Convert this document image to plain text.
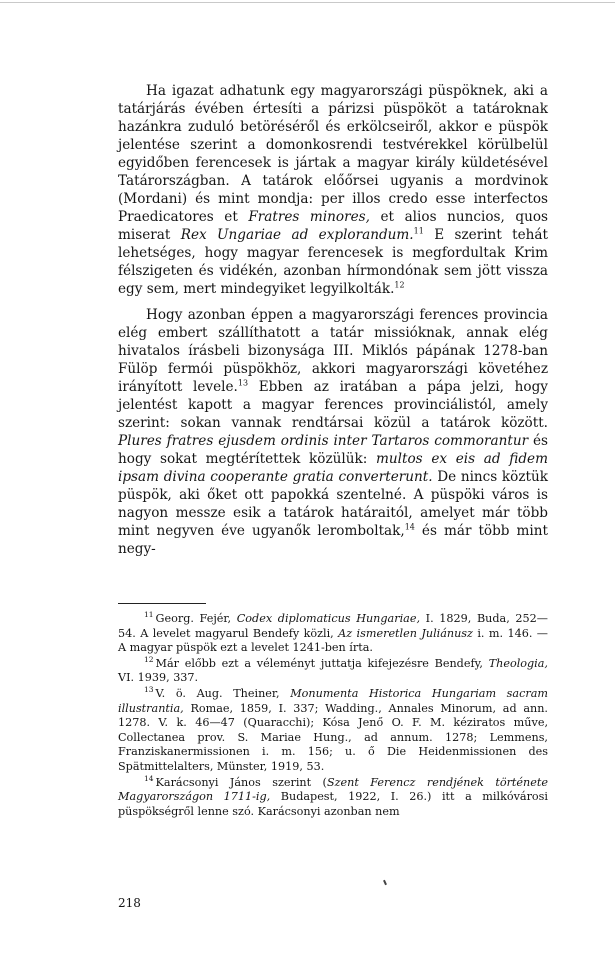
Ha igazat adhatunk egy magyarországi püspöknek, aki a tatárjárás évében értesíti a párizsi püspököt a tatároknak hazánkra zuduló betöréséről és erkölcseiről, akkor e püspök jelentése szerint a domonkosrendi testvérekkel körülbelül egyidőben ferencesek is jártak a magyar király küldetésével Tatárországban. A tatárok előőrsei ugyanis a mordvinok (Mordani) és mint mondja: per illos credo esse interfectos Praedicatores et Fratres minores, et alios nuncios, quos miserat Rex Ungariae ad explorandum.$^{11}$ E szerint tehát lehetséges, hogy magyar ferencesek is megfordultak Krim félszigeten és vidékén, azonban hírmondónak sem jött vissza egy sem, mert mindegyiket legyilkolták.$^{12}$

Hogy azonban éppen a magyarországi ferences provincia elég embert szállíthatott a tatár missióknak, annak elég hivatalos írásbeli bizonysága III. Miklós pápának 1278-ban Fülöp fermói püspökhöz, akkori magyarországi követéhez irányított levele.$^{13}$ Ebben az iratában a pápa jelzi, hogy jelentést kapott a magyar ferences provinciálistól, amely szerint: sokan vannak rendtársai közül a tatárok között. Plures fratres ejusdem ordinis inter Tartaros commorantur és hogy sokat megtérítettek közülük: multos ex eis ad fidem ipsam divina cooperante gratia converterunt. De nincs köztük püspök, aki őket ott papokká szentelné. A püspöki város is nagyon messze esik a tatárok határaitól, amelyet már több mint negyven éve ugyanők leromboltak,$^{14}$ és már több mint negy-

$^{11}$ Georg. Fejér, Codex diplomaticus Hungariae, I. 1829, Buda, 252—54. A levelet magyarul Bendefy közli, Az ismeretlen Juliánusz i. m. 146. — A magyar püspök ezt a levelet 1241-ben írta.

$^{12}$ Már előbb ezt a véleményt juttatja kifejezésre Bendefy, Theologia, VI. 1939, 337.

$^{13}$ V. ö. Aug. Theiner, Monumenta Historica Hungariam sacram illustrantia, Romae, 1859, I. 337; Wadding., Annales Minorum, ad ann. 1278. V. k. 46—47 (Quaracchi); Kósa Jenő O. F. M. kéziratos műve, Collectanea prov. S. Mariae Hung., ad annum. 1278; Lemmens, Franziskanermissionen i. m. 156; u. ő Die Heidenmissionen des Spätmittelalters, Münster, 1919, 53.

$^{14}$ Karácsonyi János szerint (Szent Ferencz rendjének története Magyarországon 1711-ig, Budapest, 1922, I. 26.) itt a milkóvárosi püspökségről lenne szó. Karácsonyi azonban nem

218
